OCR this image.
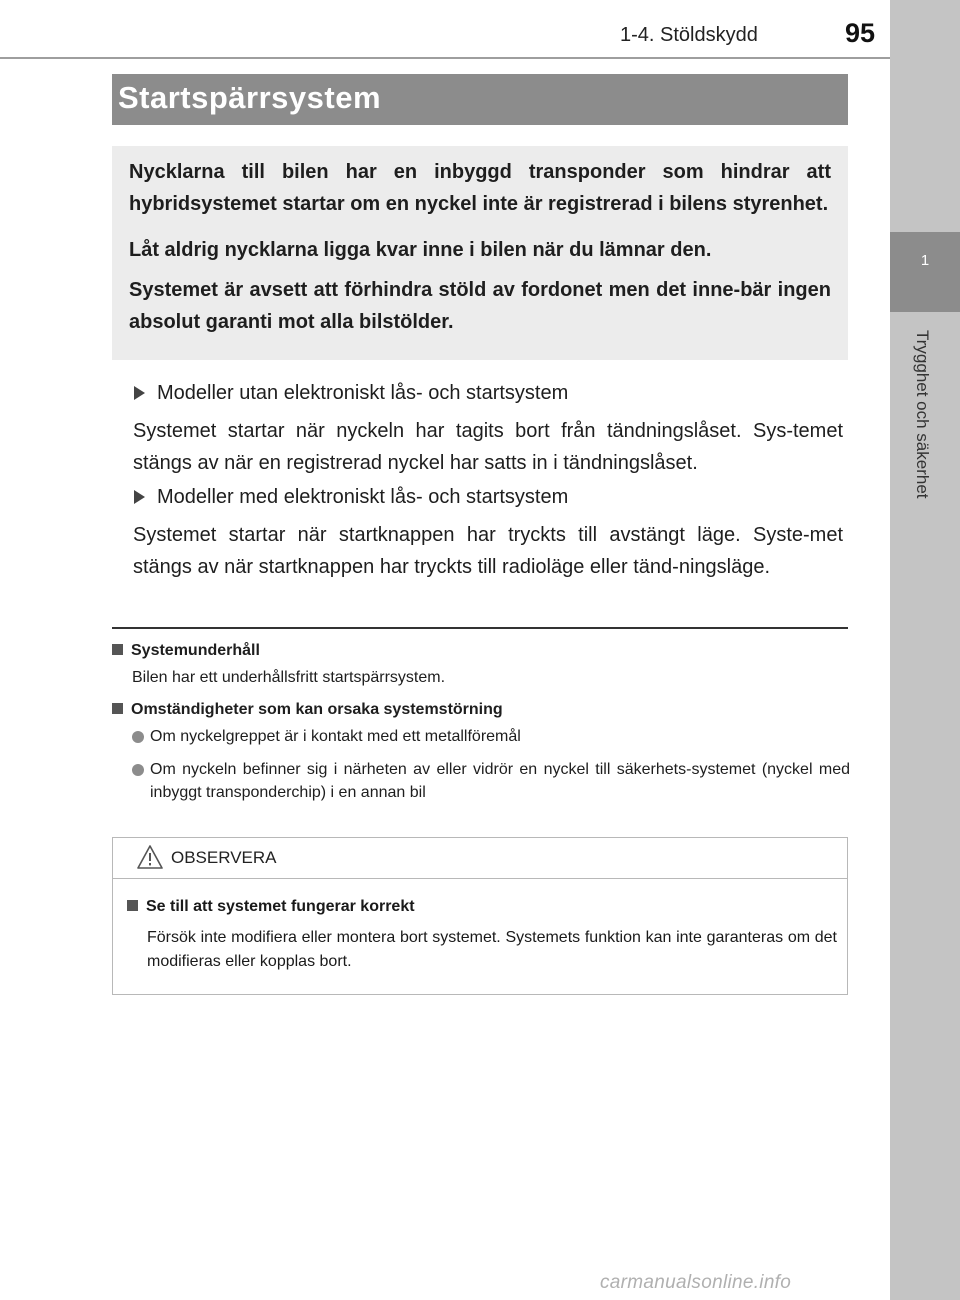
1-4. Stöldskydd	95
1
Trygghet och säkerhet
Startspärrsystem

Nycklarna till bilen har en inbyggd transponder som hindrar att hybridsystemet startar om en nyckel inte är registrerad i bilens styrenhet.

Låt aldrig nycklarna ligga kvar inne i bilen när du lämnar den.

Systemet är avsett att förhindra stöld av fordonet men det inne-bär ingen absolut garanti mot alla bilstölder.

Modeller utan elektroniskt lås- och startsystem
Systemet startar när nyckeln har tagits bort från tändningslåset. Sys-temet stängs av när en registrerad nyckel har satts in i tändningslåset.
Modeller med elektroniskt lås- och startsystem
Systemet startar när startknappen har tryckts till avstängt läge. Syste-met stängs av när startknappen har tryckts till radioläge eller tänd-ningsläge.
Systemunderhåll
Bilen har ett underhållsfritt startspärrsystem.
Omständigheter som kan orsaka systemstörning
Om nyckelgreppet är i kontakt med ett metallföremål
Om nyckeln befinner sig i närheten av eller vidrör en nyckel till säkerhets-systemet (nyckel med inbyggt transponderchip) i en annan bil
OBSERVERA
Se till att systemet fungerar korrekt
Försök inte modifiera eller montera bort systemet. Systemets funktion kan inte garanteras om det modifieras eller kopplas bort.
carmanualsonline.info
